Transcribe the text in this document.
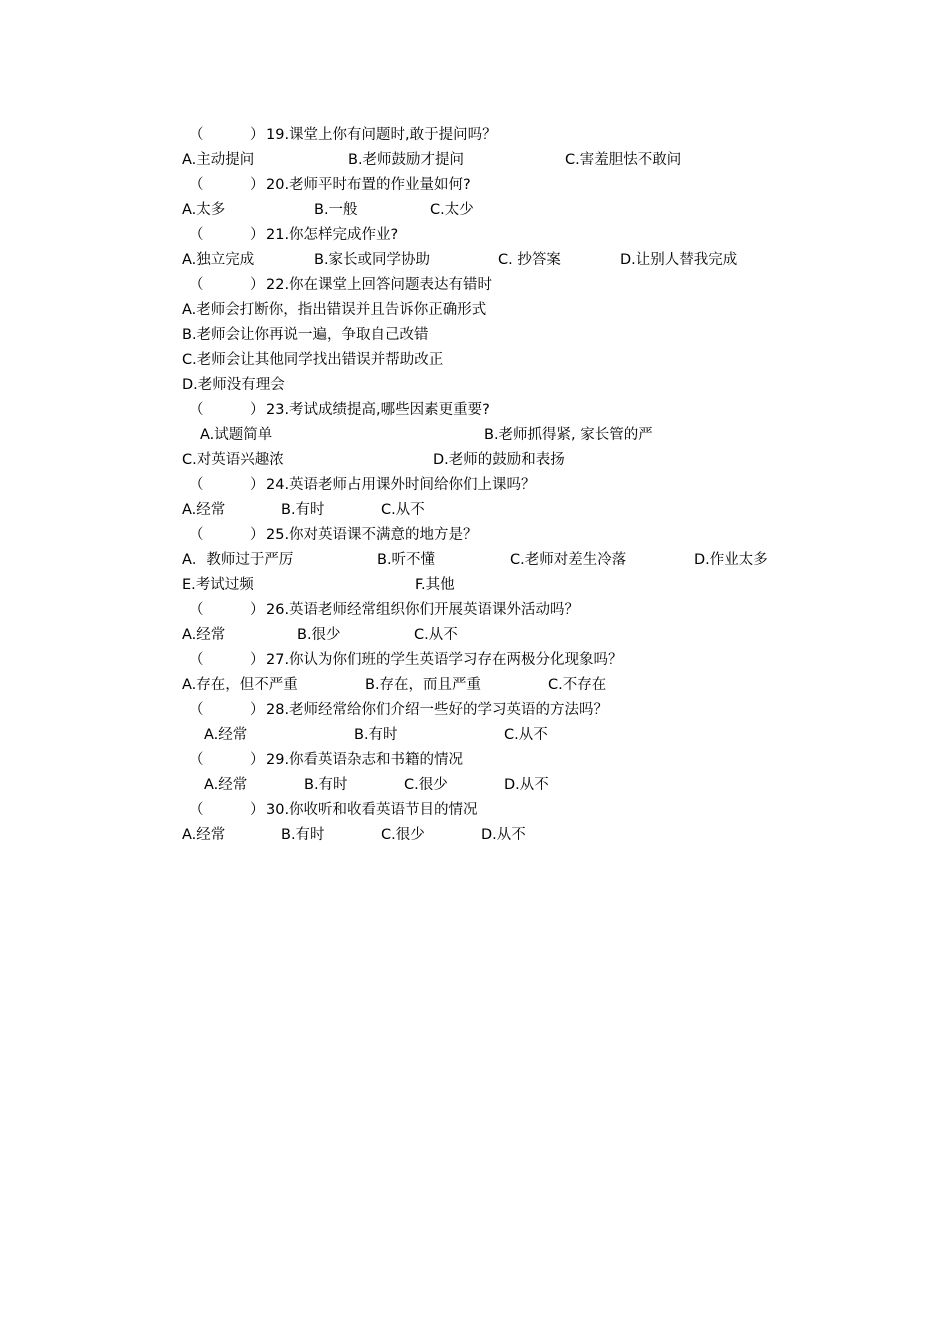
（	） 19.课堂上你有问题时,敢于提问吗？
A.主动提问	B.老师鼓励才提问	C.害羞胆怯不敢问
（	） 20.老师平时布置的作业量如何?
A.太多	B.一般	C.太少
（	） 21.你怎样完成作业?
A.独立完成	B.家长或同学协助	C. 抄答案	D.让别人替我完成
（	） 22.你在课堂上回答问题表达有错时
A.老师会打断你，指出错误并且告诉你正确形式
B.老师会让你再说一遍，争取自己改错
C.老师会让其他同学找出错误并帮助改正
D.老师没有理会
（	） 23.考试成绩提高,哪些因素更重要?
A.试题简单	B.老师抓得紧, 家长管的严
C.对英语兴趣浓	D.老师的鼓励和表扬
（	） 24.英语老师占用课外时间给你们上课吗？
A.经常	B.有时	C.从不
（	） 25.你对英语课不满意的地方是？
A．教师过于严厉	B.听不懂	C.老师对差生冷落	D.作业太多
E.考试过频	F.其他
（	） 26.英语老师经常组织你们开展英语课外活动吗？
A.经常	B.很少	C.从不
（	） 27.你认为你们班的学生英语学习存在两极分化现象吗？
A.存在，但不严重	B.存在，而且严重	C.不存在
（	） 28.老师经常给你们介绍一些好的学习英语的方法吗？
A.经常	B.有时	C.从不
（	） 29.你看英语杂志和书籍的情况
A.经常	B.有时	C.很少	D.从不
（	） 30.你收听和收看英语节目的情况
A.经常	B.有时	C.很少	D.从不
